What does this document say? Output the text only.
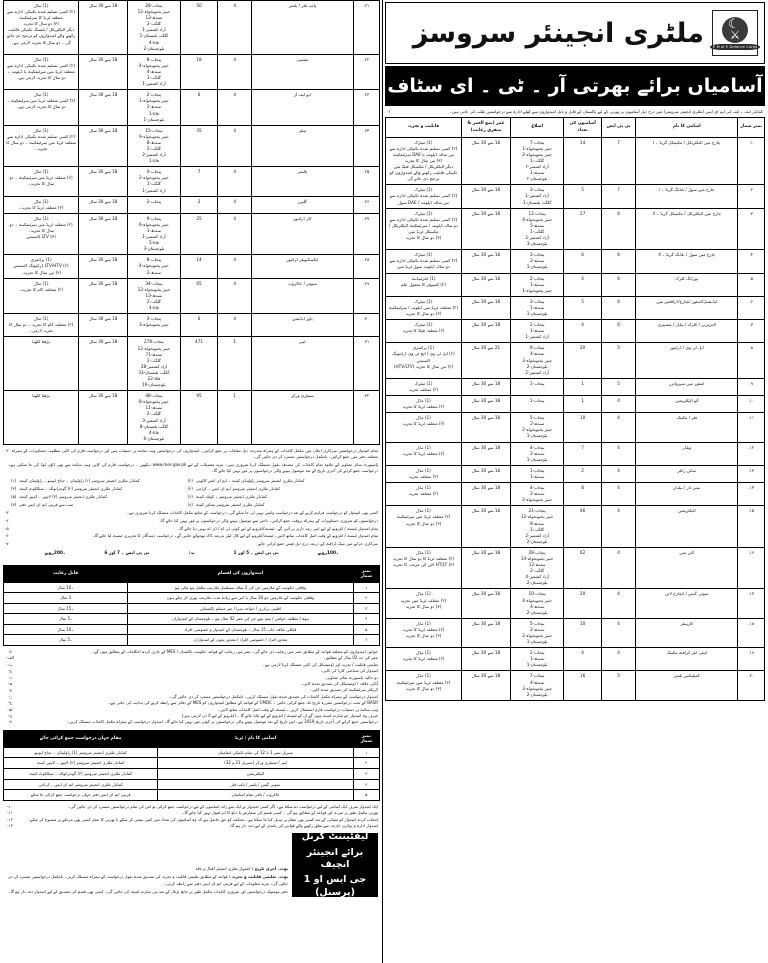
ملٹری انجینئر سروسز
☾ ⚔	E M of E Defence Corps
آسامیاں برائے بھرتی آر ۔ ٹی ۔ ای سٹاف
۱-	کمانڈر ایف ۔ ایف کی ایم ای ایس (ملٹری انجینئر سروسز) میں درج ذیل آسامیوں پر بھرتی کے لیے پاکستان کے قابل و تابل امیدواروں سے کھلے ادارہ سے درخواستیں طلب کی جاتی ہیں۔
نمبر شمار	اسامی کا نام	بی پی ایس	آسامیوں کی تعداد	اضلاع	عمر (بمع العمر & متفرق رعایت)	قابلیت و تجربہ
۱.	چارج مین الیکٹریکل / مکینیکل گریڈ ۔ ا	7	14	پنجاب-7
خیبر پختونخواہ-1
خیبر پختونخواہ-2
گلگت-1
آزاد کشمیر-۲
سندھ-1
بلوچستان-۲	18 سے 30 سال	
(1) میٹرک
(۲) کسی تسلیم شدہ تکنیکی ادارہ سے تین سالہ ڈپلومہ یا DAE سرٹیفکیٹ
(۳) تین سال کا تجربہ
دیگر الیکٹریکل / مکینیکل فیلڈ میں تکنیکی قابلیت رکھنے والے امیدواروں کو ترجیح دی جائے گی

۲.	چارج مین سول / بلڈنگ گریڈ ۔ ا	7	5	پنجاب-3
آزاد کشمیر-1
گلگت بلتستان-1	18 سے 30 سال	(1) میٹرک
(۲) کسی تسلیم شدہ تکنیکی ادارہ سے تین سالہ ڈپلومہ / DAE سول

۳.	چارج مین الیکٹریکل / مکینیکل گریڈ ۔ II	6	27	پنجاب-12
خیبر پختونخواہ-4
سندھ-5
گلگت-1
آزاد کشمیر-2
بلوچستان-3	18 سے 30 سال	
(1) میٹرک
(۲) کسی تسلیم شدہ تکنیکی ادارہ سے دو سالہ ڈپلومہ / سرٹیفکیٹ الیکٹریکل / مکینیکل ٹریڈ میں
(۳) دو سال کا تجربہ

۴.	چارج مین سول / بلڈنگ گریڈ ۔ II	6	6	پنجاب-3
سندھ-2
بلوچستان-1	18 سے 30 سال	(1) میٹرک
(۲) کسی تسلیم شدہ تکنیکی ادارہ سے دو سالہ ڈپلومہ سول ٹریڈ میں

۵.	بورڈنگ کلرک	6	4	پنجاب-2
سندھ-1
خیبر پختونخواہ-1	18 سے 30 سال	(1) انٹرمیڈیٹ
(۲) کمپیوٹر کا معقول علم

۶.	ایڈیشنل/اسٹور انچارج/ڈرافٹس مین	6	5	پنجاب-3
سندھ-1
بلوچستان-1	18 سے 30 سال	(1) میٹرک
(۲) متعلقہ ٹریڈ میں ڈپلومہ / سرٹیفکیٹ
(۳) دو سال کا تجربہ

۷.	لائبریرین / کلرک / بیلڈر / مشینری	6	4	پنجاب-2
سندھ-1
آزاد کشمیر-1	18 سے 30 سال	(1) میٹرک
(۲) متعلقہ فیلڈ کا تجربہ

۸.	ایل ٹی وی / ڈرائیور	5	20	پنجاب-9
سندھ-4
خیبر پختونخواہ-3
بلوچستان-2
آزاد کشمیر-2	21 سے 30 سال	(1) پرائمری
(۲) ایل ٹی وی / ایچ ٹی وی ڈرائیونگ لائسنس
(۳) تین سال کا تجربہ (HTV/LTV)

۹.	اسٹور میں سپروائزر	5	1	پنجاب-1	18 سے 30 سال	(1) میٹرک
(۲) متعلقہ تجربہ

۱۰.	آٹو الیکٹریشن	4	1	پنجاب-1	18 سے 30 سال	(1) مڈل
(۲) متعلقہ ٹریڈ کا تجربہ

۱۱.	فٹر / مکینک	4	10	پنجاب-5
سندھ-2
خیبر پختونخواہ-2
بلوچستان-1	18 سے 30 سال	(1) مڈل
(۲) متعلقہ ٹریڈ کا تجربہ

۱۲.	ویلڈر	4	7	پنجاب-4
سندھ-2
بلوچستان-1	18 سے 30 سال	(1) مڈل
(۲) متعلقہ ٹریڈ کا تجربہ

۱۳.	سائن رائٹر	4	2	پنجاب-1
سندھ-1	18 سے 30 سال	(1) مڈل
(۲) متعلقہ تجربہ

۱۴.	نمبر دار / بیلدار	4	8	پنجاب-4
سندھ-2
خیبر پختونخواہ-2	18 سے 30 سال	(1) مڈل
(۲) متعلقہ تجربہ

۱۵.	الیکٹریشن	4	46	پنجاب-21
خیبر پختونخواہ-12
سندھ-8
گلگت-1
آزاد کشمیر-2
بلوچستان-2	18 سے 30 سال	
(1) مڈل
(۲) متعلقہ ٹریڈ میں سرٹیفکیٹ
(۳) دو سال کا تجربہ

۱۶.	لائن مین	4	62	پنجاب-28
خیبر پختونخواہ-14
سندھ-12
گلگت-2
آزاد کشمیر-4
بلوچستان-2	18 سے 30 سال	
(1) مڈل
(۲) متعلقہ ٹریڈ کا دو سال کا تجربہ
(۳) HT/LT لائن کی مرمت کا تجربہ

۱۷.	سوئی گیس / انچارج لائن	4	20	پنجاب-10
خیبر پختونخواہ-4
سندھ-4
بلوچستان-2	18 سے 30 سال	(1) مڈل
(۲) متعلقہ ٹریڈ میں تجربہ
(۳) دو سال کا تجربہ

۱۸.	کارپینٹر	4	10	پنجاب-5
سندھ-2
خیبر پختونخواہ-2
بلوچستان-1	18 سے 30 سال	(1) مڈل
(۲) متعلقہ ٹریڈ کا تجربہ
(۳) دو سال کا تجربہ

۱۹.	اینٹی ایئر کرافٹ مکینک	4	4	پنجاب-2
سندھ-1
بلوچستان-1	18 سے 30 سال	(1) مڈل
(۲) متعلقہ ٹریڈ کا تجربہ

۲۰.	کمپلیکس پلمبر	5	16	پنجاب-7
سندھ-4
خیبر پختونخواہ-3
بلوچستان-2	18 سے 30 سال	(1) مڈل
(۲) متعلقہ ٹریڈ میں سرٹیفکیٹ
(۳) دو سال کا تجربہ
۲۱.	پائپ فٹر / پلمبر	4	50	پنجاب-28
خیبر پختونخواہ-12
سندھ-12
گلگت-2
آزاد کشمیر-1
گلگت بلتستان-1
فاٹا-4
بلوچستان-2	18 سے 30 سال	
(1) مڈل
(۲) کسی تسلیم شدہ تکنیکی ادارہ سے متعلقہ ٹریڈ کا سرٹیفکیٹ
(۳) دو سال کا تجربہ
دیگر الیکٹریکل / پلمبنگ تکنیکی قابلیت رکھنے والے امیدواروں کو ترجیح دی جائے گی ۔ دو سال کا تجربہ لازمی ہے۔

۲۲.	مشینی	4	18	پنجاب-8
خیبر پختونخواہ-4
سندھ-4
گلگت-1
آزاد کشمیر-1	18 سے 30 سال	(1) مڈل
(۲) کسی تسلیم شدہ تکنیکی ادارہ سے متعلقہ ٹریڈ میں سرٹیفکیٹ یا ڈپلومہ ۔ دو سال کا تجربہ لازمی ہے۔

۲۳.	ایو ایف آر	4	6	پنجاب-2
خیبر پختونخواہ-1
سندھ-2
فاٹا-1
بلوچستان-1	18 سے 30 سال	(1) مڈل
(۲) کسی متعلقہ ٹریڈ میں سرٹیفکیٹ ۔ دو سال کا تجربہ لازمی ہے۔

۲۴.	پینٹر	4	35	پنجاب-15
خیبر پختونخواہ-9
سندھ-8
گلگت-2
آزاد کشمیر-2
فاٹا-1	18 سے 30 سال	
(1) مڈل
(۲) کسی تسلیم شدہ تکنیکی ادارہ سے متعلقہ ٹریڈ میں سرٹیفکیٹ ۔ دو سال کا تجربہ۔

۲۵.	پالشر	4	7	پنجاب-4
خیبر پختونخواہ-2
گلگت-1
آزاد کشمیر-1	18 سے 30 سال	(1) مڈل
(۲) متعلقہ ٹریڈ میں سرٹیفکیٹ ۔ دو سال کا تجربہ۔

۲۶.	گلیزر	4	2	پنجاب-2	18 سے 30 سال	(1) مڈل
(۲) متعلقہ ٹریڈ کا تجربہ۔

۲۷.	کار ڈرائیور	4	25	پنجاب-9
خیبر پختونخواہ-6
سندھ-1
آزاد کشمیر-1
فاٹا-5
بلوچستان-3	18 سے 30 سال	
(1) مڈل
(۲) متعلقہ ٹریڈ میں سرٹیفکیٹ ۔ دو سال کا تجربہ۔
(۳) LTV لائسنس

۲۸.	ایکسکیویٹر ڈرائیور	4	14	پنجاب-8
خیبر پختونخواہ-4
سندھ-2	18 سے 30 سال	(1) پرائمری
(۲) LTV/HTV ڈرائیونگ لائسنس
(۳) تین سال کا تجربہ۔

۲۹.	سوئپر / خاکروب	4	65	پنجاب-34
خیبر پختونخواہ-12
سندھ-13
گلگت-2
فاٹا-4	18 سے 30 سال	(1) مڈل
(۲) متعلقہ کام کا تجربہ۔

۳۰.	پاور ایڈیشن	4	6	پنجاب-3
خیبر پختونخواہ-3	18 سے 30 سال	(1) مڈل
(۲) متعلقہ کام کا تجربہ ۔ دو سال کا تجربہ لازمی۔

۳۱.	لیبر	1	471	پنجاب-278
خیبر پختونخواہ-12
سندھ-71
گلگت-2
آزاد کشمیر-28
گلگت بلتستان-33
فاٹا-22
بلوچستان-16	18 سے 30 سال	
پڑھنا لکھنا

۳۲.	سینٹری ورکر	1	95	پنجاب-48
خیبر پختونخواہ-8
سندھ-11
گلگت-2
آزاد کشمیر-3
گلگت بلتستان-8
فاٹا-4
بلوچستان-6	18 سے 30 سال	
پڑھنا لکھنا
۲- تمام امیدوار درخواستیں سرکاری اعلان میں مکمل کاغذات کے ہمراہ مندرجہ ذیل مقامات پر جمع کرائیں۔ امیدواروں کی درخواستیں ویب سائٹ پر دستیاب ہیں اور درخواست فارم کی کاپی مطلوبہ دستاویزات کے ہمراہ متعلقہ دفتر میں جمع کرائیں۔ نامکمل درخواستیں مسترد کر دی جائیں گی۔
پاسپورٹ سائز تصاویر کے علاوہ تمام کاغذات کی مصدقہ نقول منسلک کرنا ضروری ہیں۔ مزید تفصیلات کے لیے www.mes.gov.pk دیکھیں ۔ درخواست فارم کی کاپی ویب سائٹ سے بھی ڈاؤن لوڈ کی جا سکتی ہے۔ درخواست جمع کرانے کی آخری تاریخ کے بعد موصول ہونے والی درخواستوں پر غور نہیں کیا جائے گا۔
(۱) کمانڈر ملٹری انجینئر سروسز (۱) راولپنڈی ۔ جناح ایونیو ۔ راولپنڈی کینٹ	(۲) کمانڈر ملٹری انجینئر سروسز راولپنڈی کینٹ ۔ ایم ای ایس کالونی
(۳) کمانڈر ملٹری انجینئر سروسز (۲) گوجرانوالہ ۔ سیالکوٹ کینٹ	(۴) کمانڈر ملٹری انجینئر سروسز ایم ای ایس ۔ کراچی
(۵) کمانڈر ملٹری انجینئر سروسز (۳) لاہور ۔ لاہور کینٹ	(۶) کمانڈر ملٹری انجینئر سروسز ۔ کوئٹہ کینٹ
(۷) سب سے قریبی ایم ای ایس دفتر	(۸) کمانڈر ملٹری انجینئر سروسز پشاور کینٹ
۳-	کسی بھی امیدوار کو درخواست فراہم کرنے کے بعد درخواست واپس نہیں لی جا سکے گی۔ درخواست کے ساتھ مکمل کاغذات منسلک کرنا ضروری ہے۔
۴-	درخواستوں کو ضروری دستاویزات کے ہمراہ بروقت جمع کرائیں۔ تاخیر سے موصول ہونے والی درخواستوں پر غور نہیں کیا جائے گا۔
۵-	تمام امیدوار ٹیسٹ / انٹرویو کے لیے اپنی زمہ داری پر آئیں گے۔ ٹیسٹ/انٹرویو کے لیے کوئی ٹی اے / ڈی اے نہیں دیا جائے گا۔
۶-	تمام امیدوار ٹیسٹ / انٹرویو کے وقت اصل کاغذات ساتھ لائیں۔ ٹیسٹ/انٹرویو کے لیے کال لیٹر بذریعہ ڈاک بھجوائے جائیں گے۔ درخواست دہندگان کا تحریری ٹیسٹ لیا جائے گا۔
۷-	سرکاری خزانے میں بینک ڈرافٹ کے ذریعہ درج ذیل فیس جمع کرائی جائے :
۔200روپے	بی پی ایس ۔ 7 اور 6	بہ:	بی پی ایس ۔ 5 اور 1	۔100روپے
نمبر شمار	امیدواروں کی اقسام	قابل رعایت
۱	وفاقی حکومت کے ملازمین جن کی 2 سالہ مسلسل ملازمت مکمل ہو چکی ہو	۔10 سال
۲	وفاقی حکومت کے ملازمین جو 18 سال یا اس سے زیادہ مدت ملازمت پوری کر چکے ہوں	3 سال
۳	اقلیتی برادری / خواجہ سرا / غیر مسلم پاکستانی	۔15 سال
۴	بیوہ / مطلقہ خواتین / یتیم بچے جن کی عمر 02 سال ہو ۔ بلوچستان کے امیدواران	۔5 سال
۵	قبائلی علاقہ جات 15 سال ۔ بلوچستان کے امیدوار و خصوصی افراد	۔10 سال
۶	معذور افراد / خصوصی افراد / معذور بچوں کے امیدواران	۔5 سال
۸-	خواتین امیدواروں کو متعلقہ قواعد کے مطابق عمر میں رعایت دی جائے گی۔ عمر میں رعایت کے قواعد حکومت پاکستان / MES کے جاری کردہ احکامات کے مطابق ہوں گے۔
الف-	عمر کی حد 02 سال کے مطابق۔
ب-	تعلیمی قابلیت / تجربہ اور ڈومیسائل کی کاپی منسلک کرنا لازمی ہے۔
ج-	امیدوار کی شناختی کارڈ کی کاپی۔
د-	دو حالیہ پاسپورٹ سائز تصاویر۔
ھ-	آبائی علاقہ / ڈومیسائل کی تصدیق شدہ کاپی۔
و-	کریکٹر سرٹیفکیٹ کی تصدیق شدہ کاپی۔
ز-	امیدوار درخواست کے ہمراہ مکمل کاغذات کی تصدیق شدہ نقول منسلک کریں۔ نامکمل درخواستیں مسترد کر دی جائیں گی۔
ح-	BASR کے تحت درخواستیں مقررہ تاریخ تک جمع کرائی جائیں ۔ CMDC کے قواعد کے مطابق امیدواروں کو MES کے دفاتر سے رابطہ کرنے کی ہدایت کی جاتی ہے۔
ط-	ویب سائٹ پر دستیاب درخواست فارم استعمال کریں ۔ ٹیسٹ کے وقت اصل کاغذات ساتھ لائیں۔
ی-	صرف وہ امیدوار جو شارٹ لسٹ ہوں گے ان کو ٹیسٹ / انٹرویو کے لیے بلایا جائے گا ۔ (انٹرویو کے لیے 0 دن لازمی ہیں)
۹-	درخواستیں جمع کرانے کی آخری تاریخ 2019 ہے۔ اس تاریخ کے بعد موصول ہونے والی درخواستوں پر کوئی غور نہیں کیا جائے گا۔ امیدوار درخواست کے ہمراہ مکمل کاغذات منسلک کریں۔
نمبر شمار	اسامی کا نام / ٹریڈ	مقام جہاں درخواست جمع کرائی جائے
۱	سیریل نمبر 1 تا 12 کی تمام تکنیکی اسامیاں	کمانڈر ملٹری انجینئر سروسز (1) راولپنڈی ۔ جناح ایونیو
۲	لیبر / سینٹری ورکر (سیریل 31 و 32)	کمانڈر ملٹری انجینئر سروسز (۲) لاہور ۔ لاہور کینٹ
۳	الیکٹریشن	کمانڈر ملٹری انجینئر سروسز (۳) گوجرانوالہ ۔ سیالکوٹ کینٹ
۴	سوئی گیس / پلمبر / پائپ فٹر	کمانڈر ملٹری انجینئر سروسز ایم ای ایس ۔ کراچی
۵	خاکروب / باقی تمام اسامیاں	قریبی ایم ای ایس دفتر جہاں درخواست جمع کرائی جا سکے
۱۰-	ایک امیدوار صرف ایک اسامی کے لیے درخواست دے سکتا ہے۔ اگر کسی امیدوار نے ایک سے زائد اسامیوں کے لیے درخواست جمع کرائی تو اس کی تمام درخواستیں مسترد کر دی جائیں گی۔
۱۱-	بھرتی مکمل طور پر میرٹ اور قواعد کے مطابق ہو گی ۔ کسی قسم کی سفارش یا دباؤ کا اثر قبول نہیں کیا جائے گا۔
۱۲-	انتخاب کردہ امیدوار کو تعیناتی کے بعد کسی بھی مقام پر تبدیل کیا جا سکتا ہے۔ محکمہ کو حق حاصل ہے کہ وہ اسامیوں کی تعداد میں کمی بیشی کر سکے یا بھرتی کا عمل کسی بھی مرحلے پر منسوخ کر سکے۔
۱۳-	امیدوار ادارہ و نوکری خارجہ سے تعلق رکھنے والے قوانین کی پابندی کے لیے ذمہ دار ہو گا۔
لیفٹیننٹ کرنل
برائے انجینئر انچیف
جی ایس او 1 (پرسنل)
نوٹ۔ آخری تاریخ : اشتہار ملٹری انجینئر اقبال و نافذ
نوٹ۔ تعلیمی قابلیت و تجربہ : قواعد کے مطابق تعلیمی قابلیت و تجربہ کی تصدیق شدہ نقول درخواست کے ہمراہ منسلک کریں۔ نامکمل درخواستیں مسترد کر دی جائیں گی۔ مزید معلومات کے لیے قریبی ایم ای ایس دفتر سے رابطہ کریں۔
دفتر موصولہ درخواستیں اور ضروری کاغذات مکمل طور پر جانچ پڑتال کے بعد ہی شارٹ لسٹ کی جائیں گی۔ کسی بھی قسم کی تصدیق کے لیے امیدوار ذمہ دار ہو گا۔
